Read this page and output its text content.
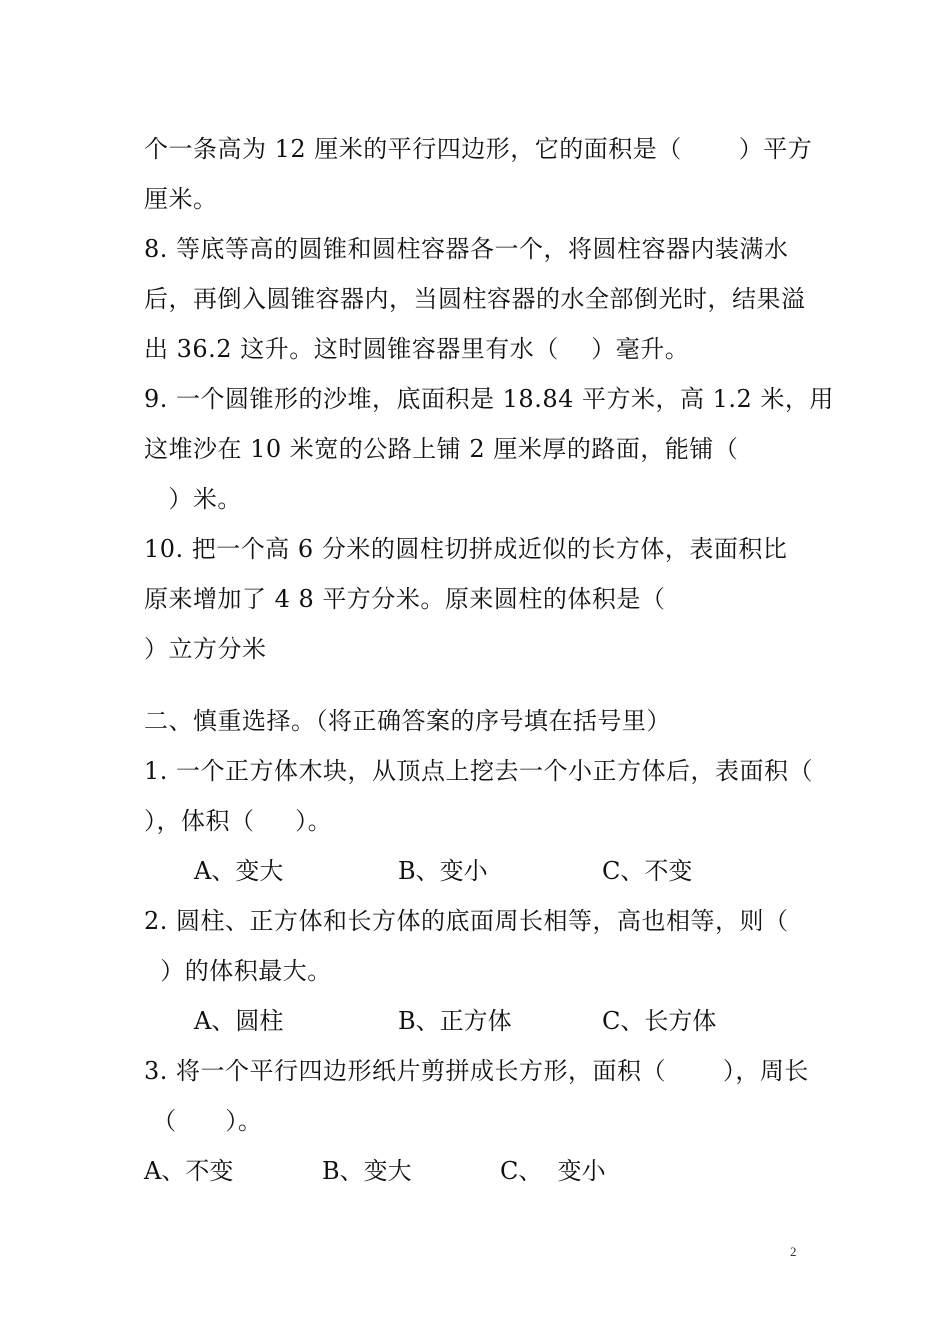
个一条高为 12 厘米的平行四边形，它的面积是（       ）平方
厘米。
8. 等底等高的圆锥和圆柱容器各一个，将圆柱容器内装满水
后，再倒入圆锥容器内，当圆柱容器的水全部倒光时，结果溢
出 36.2 这升。这时圆锥容器里有水（    ）毫升。
9. 一个圆锥形的沙堆，底面积是 18.84 平方米，高 1.2 米，用
这堆沙在 10 米宽的公路上铺 2 厘米厚的路面，能铺（
）米。
10. 把一个高 6 分米的圆柱切拼成近似的长方体，表面积比
原来增加了 4 8 平方分米。原来圆柱的体积是（
）立方分米
二、慎重选择。（将正确答案的序号填在括号里）
1. 一个正方体木块，从顶点上挖去一个小正方体后，表面积（
），体积（     ）。
A、变大	B、变小	C、不变
2. 圆柱、正方体和长方体的底面周长相等，高也相等，则（
）的体积最大。
A、圆柱	B、正方体	C、长方体
3. 将一个平行四边形纸片剪拼成长方形，面积（       ），周长
（      ）。
A、不变	B、变大	C、  变小
2
